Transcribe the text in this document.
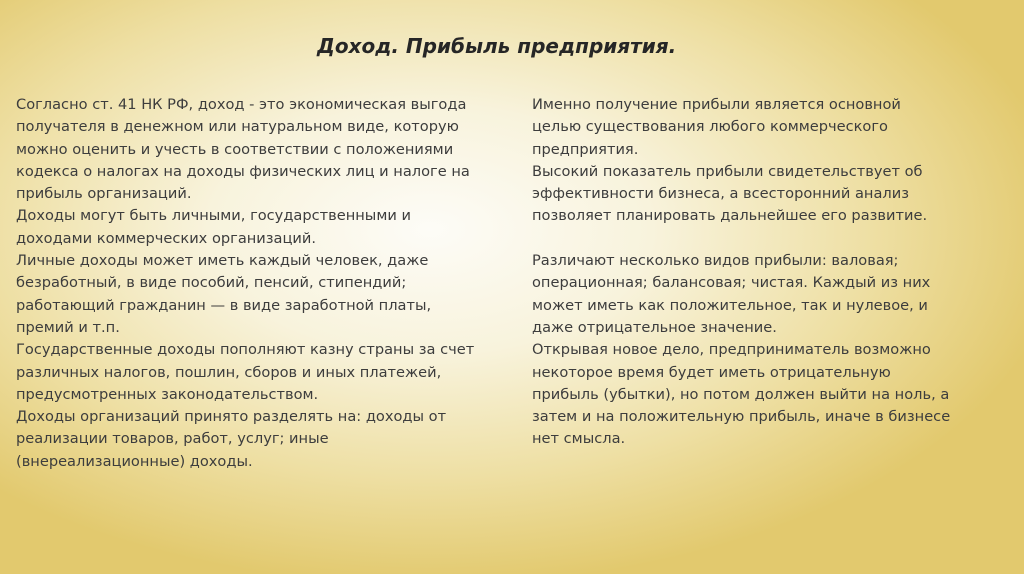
Доход. Прибыль предприятия.

Согласно ст. 41 НК РФ, доход - это экономическая выгода
получателя в денежном или натуральном виде, которую
можно оценить и учесть в соответствии с положениями
кодекса о налогах на доходы физических лиц и налоге на
прибыль организаций.

Доходы могут быть личными, государственными и
доходами коммерческих организаций.

Личные доходы может иметь каждый человек, даже
безработный, в виде пособий, пенсий, стипендий;
работающий гражданин — в виде заработной платы,
премий и т.п.

Государственные доходы пополняют казну страны за счет
различных налогов, пошлин, сборов и иных платежей,
предусмотренных законодательством.

Доходы организаций принято разделять на: доходы от
реализации товаров, работ, услуг; иные
(внереализационные) доходы.

Именно получение прибыли является основной
целью существования любого коммерческого
предприятия.

Высокий показатель прибыли свидетельствует об
эффективности бизнеса, а всесторонний анализ
позволяет планировать дальнейшее его развитие.

Различают несколько видов прибыли: валовая;
операционная; балансовая; чистая. Каждый из них
может иметь как положительное, так и нулевое, и
даже отрицательное значение.

Открывая новое дело, предприниматель возможно
некоторое время будет иметь отрицательную
прибыль (убытки), но потом должен выйти на ноль, а
затем и на положительную прибыль, иначе в бизнесе
нет смысла.
